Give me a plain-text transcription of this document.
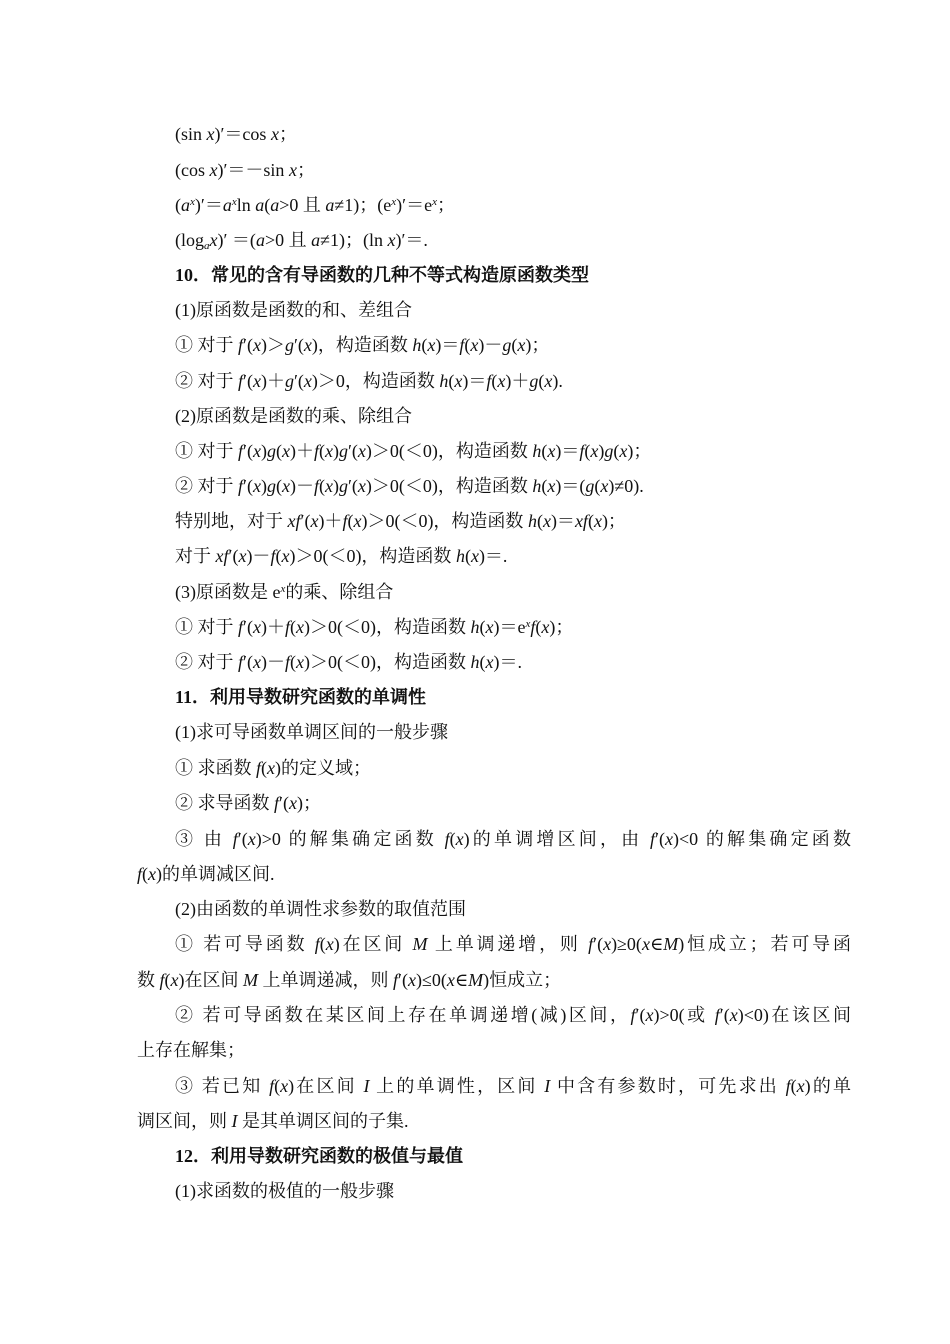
(sin x)′＝cos x；
(cos x)′＝－sin x；
$(a^x)'=a^x\ln$ a(a>0 且 a≠1)；$(e^x)'=e^x$；
$(\log_ax)' =(a>0$ 且 a≠1)；(ln x)′＝.
10．常见的含有导函数的几种不等式构造原函数类型
(1)原函数是函数的和、差组合
① 对于 f′(x)＞g′(x)，构造函数 h(x)＝f(x)－g(x)；
② 对于 f′(x)＋g′(x)＞0，构造函数 h(x)＝f(x)＋g(x).
(2)原函数是函数的乘、除组合
① 对于 f′(x)g(x)＋f(x)g′(x)＞0(＜0)，构造函数 h(x)＝f(x)g(x)；
② 对于 f′(x)g(x)－f(x)g′(x)＞0(＜0)，构造函数 h(x)＝(g(x)≠0).
特别地，对于 xf′(x)＋f(x)＞0(＜0)，构造函数 h(x)＝xf(x)；
对于 xf′(x)－f(x)＞0(＜0)，构造函数 h(x)＝.
(3)原函数是 $e^x$的乘、除组合
① 对于 f′(x)＋f(x)＞0(＜0)，构造函数 $h(x)=e^xf(x)$；
② 对于 f′(x)－f(x)＞0(＜0)，构造函数 h(x)＝.
11．利用导数研究函数的单调性
(1)求可导函数单调区间的一般步骤
① 求函数 f(x)的定义域；
② 求导函数 f′(x)；
③ 由 f′(x)>0 的解集确定函数 f(x)的单调增区间，由 f′(x)<0 的解集确定函数
f(x)的单调减区间.
(2)由函数的单调性求参数的取值范围
① 若可导函数 f(x)在区间 M 上单调递增，则 f′(x)≥0(x∈M)恒成立；若可导函
数 f(x)在区间 M 上单调递减，则 f′(x)≤0(x∈M)恒成立；
② 若可导函数在某区间上存在单调递增(减)区间，f′(x)>0(或 f′(x)<0)在该区间
上存在解集；
③ 若已知 f(x)在区间 I 上的单调性，区间 I 中含有参数时，可先求出 f(x)的单
调区间，则 I 是其单调区间的子集.
12．利用导数研究函数的极值与最值
(1)求函数的极值的一般步骤
